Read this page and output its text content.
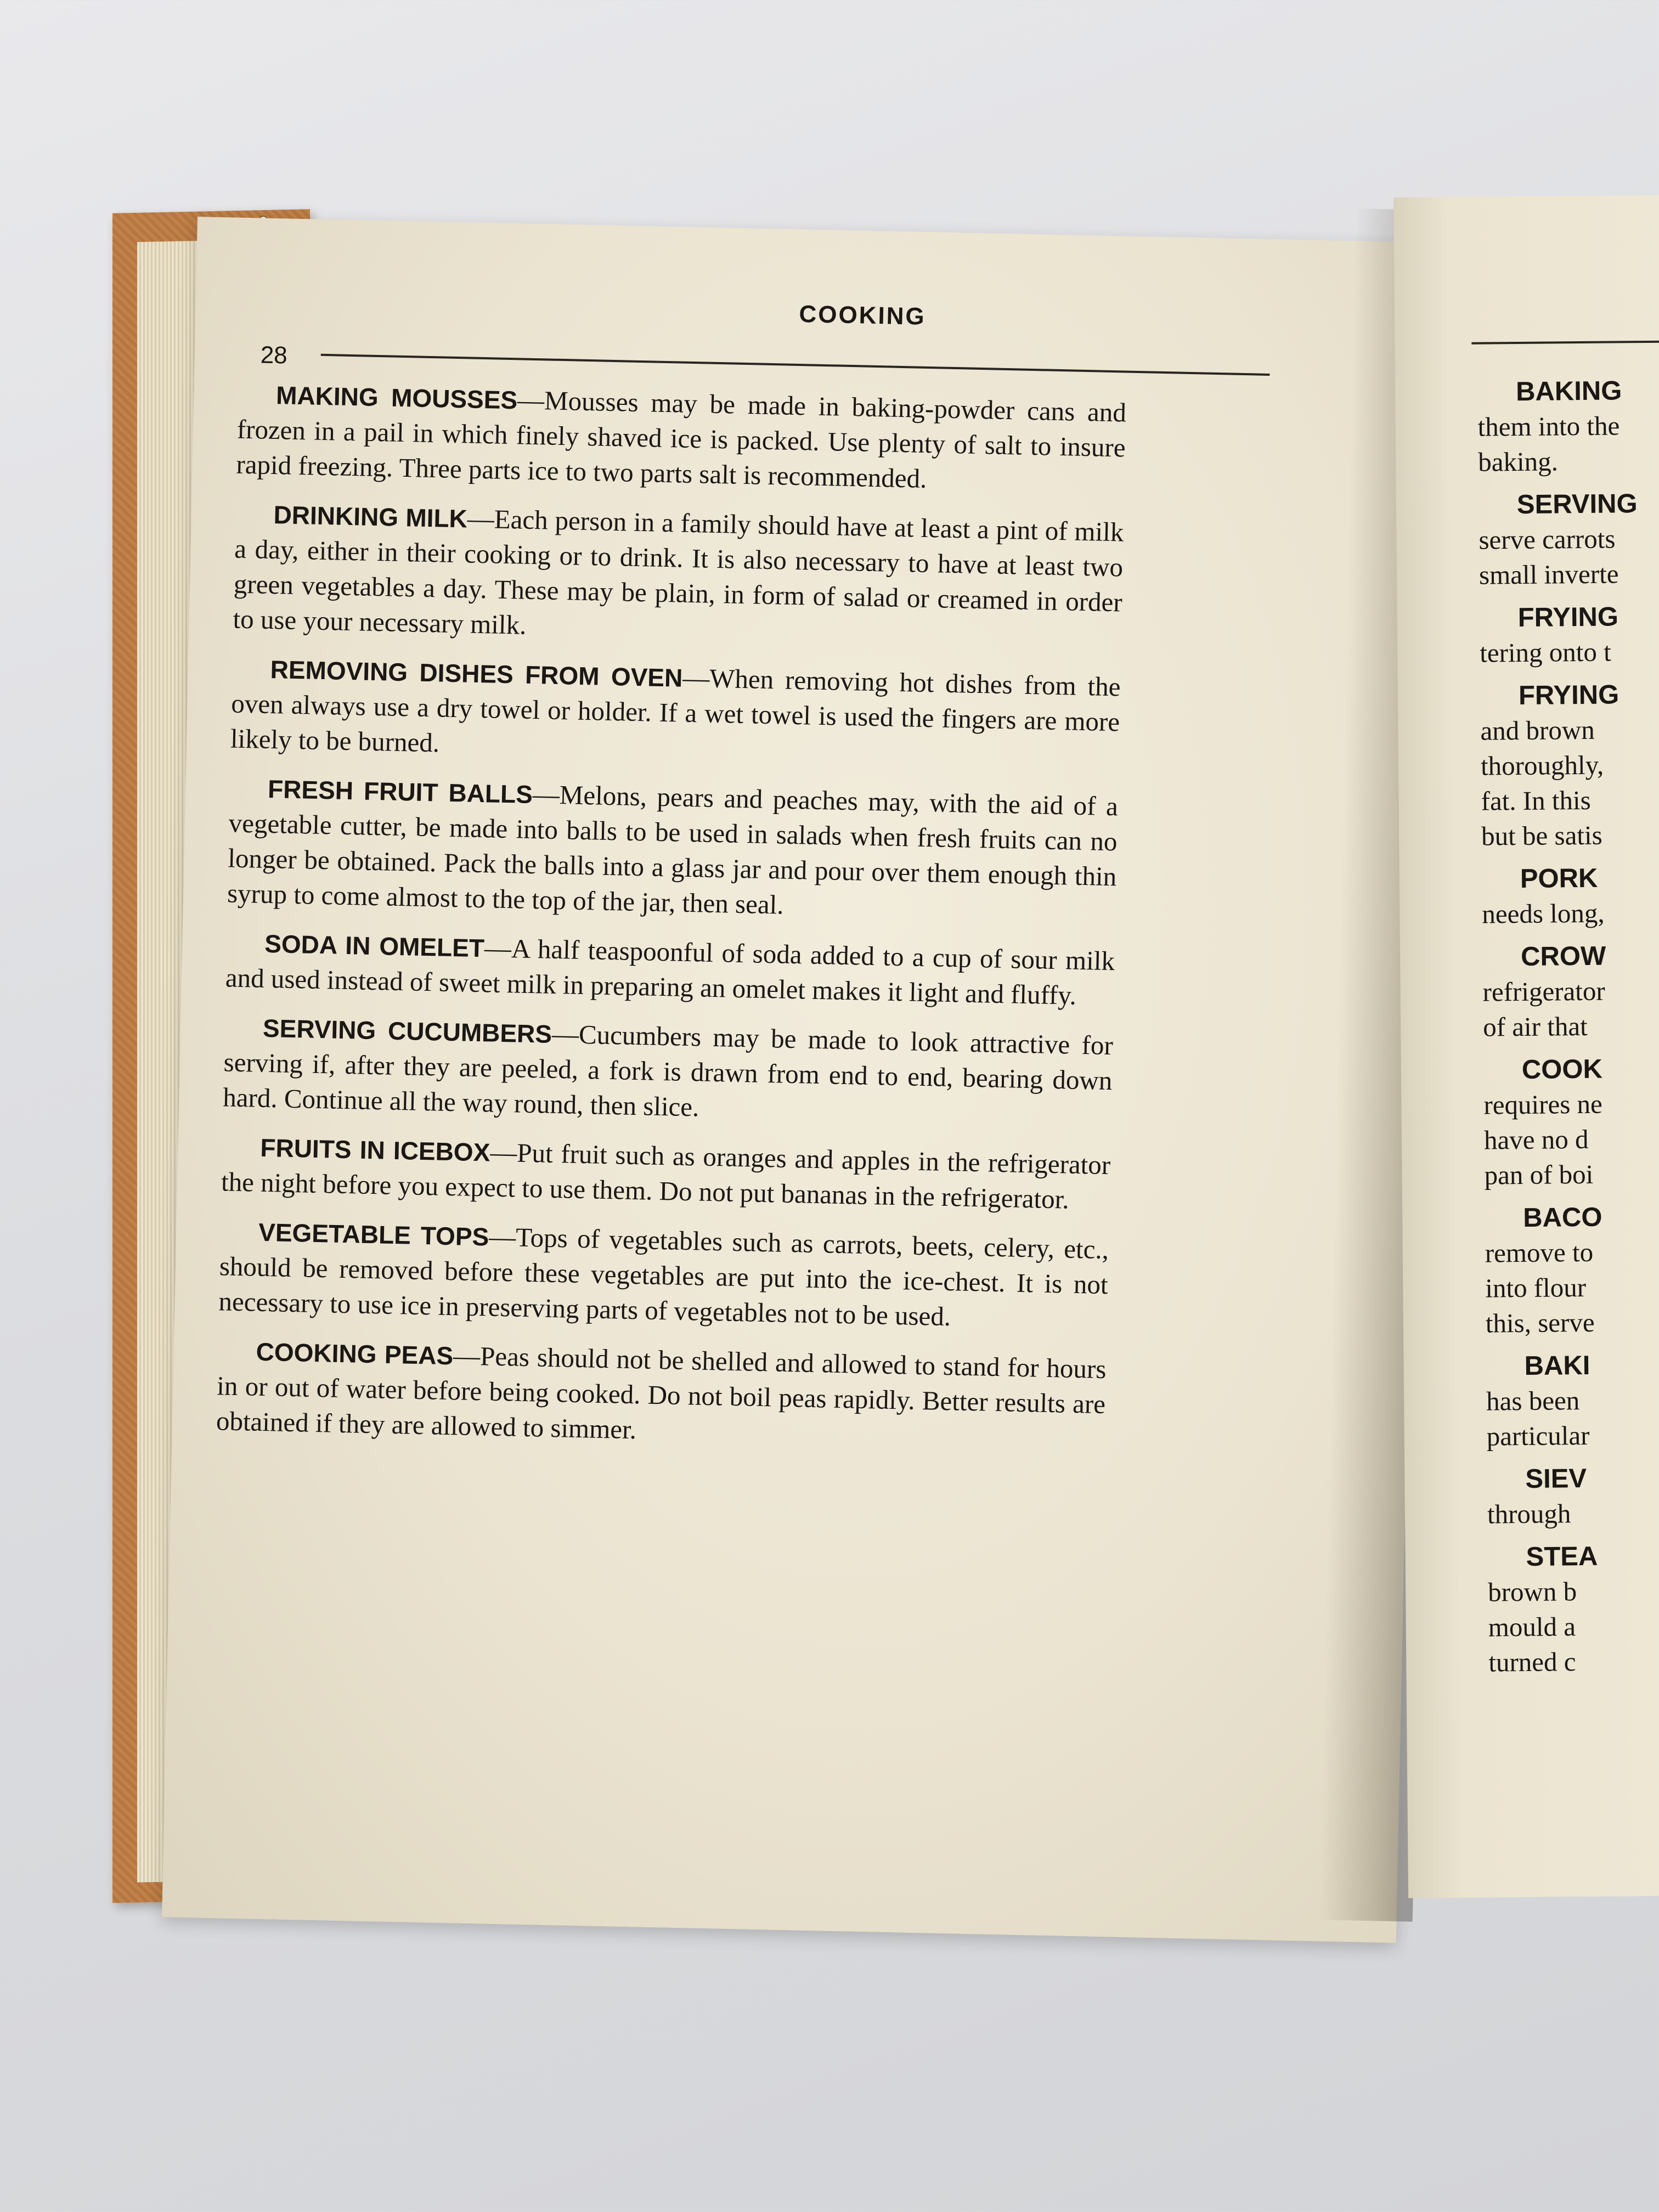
COOKING
28

MAKING MOUSSES—Mousses may be made in baking-powder cans and frozen in a pail in which finely shaved ice is packed. Use plenty of salt to insure rapid freezing. Three parts ice to two parts salt is recommended.

DRINKING MILK—Each person in a family should have at least a pint of milk a day, either in their cooking or to drink. It is also necessary to have at least two green vegetables a day. These may be plain, in form of salad or creamed in order to use your necessary milk.

REMOVING DISHES FROM OVEN—When removing hot dishes from the oven always use a dry towel or holder. If a wet towel is used the fingers are more likely to be burned.

FRESH FRUIT BALLS—Melons, pears and peaches may, with the aid of a vegetable cutter, be made into balls to be used in salads when fresh fruits can no longer be obtained. Pack the balls into a glass jar and pour over them enough thin syrup to come almost to the top of the jar, then seal.

SODA IN OMELET—A half teaspoonful of soda added to a cup of sour milk and used instead of sweet milk in preparing an omelet makes it light and fluffy.

SERVING CUCUMBERS—Cucumbers may be made to look attractive for serving if, after they are peeled, a fork is drawn from end to end, bearing down hard. Continue all the way round, then slice.

FRUITS IN ICEBOX—Put fruit such as oranges and apples in the refrigerator the night before you expect to use them. Do not put bananas in the refrigerator.

VEGETABLE TOPS—Tops of vegetables such as carrots, beets, celery, etc., should be removed before these vegetables are put into the ice-chest. It is not necessary to use ice in preserving parts of vegetables not to be used.

COOKING PEAS—Peas should not be shelled and allowed to stand for hours in or out of water before being cooked. Do not boil peas rapidly. Better results are obtained if they are allowed to simmer.

BAKING
them into the
baking.
SERVING
serve carrots
small inverte
FRYING
tering onto t
FRYING
and brown
thoroughly,
fat. In this
but be satis
PORK
needs long,
CROW
refrigerator
of air that
COOK
requires ne
have no d
pan of boi
BACO
remove to
into flour
this, serve
BAKI
has been
particular
SIEV
through
STEA
brown b
mould a
turned c
